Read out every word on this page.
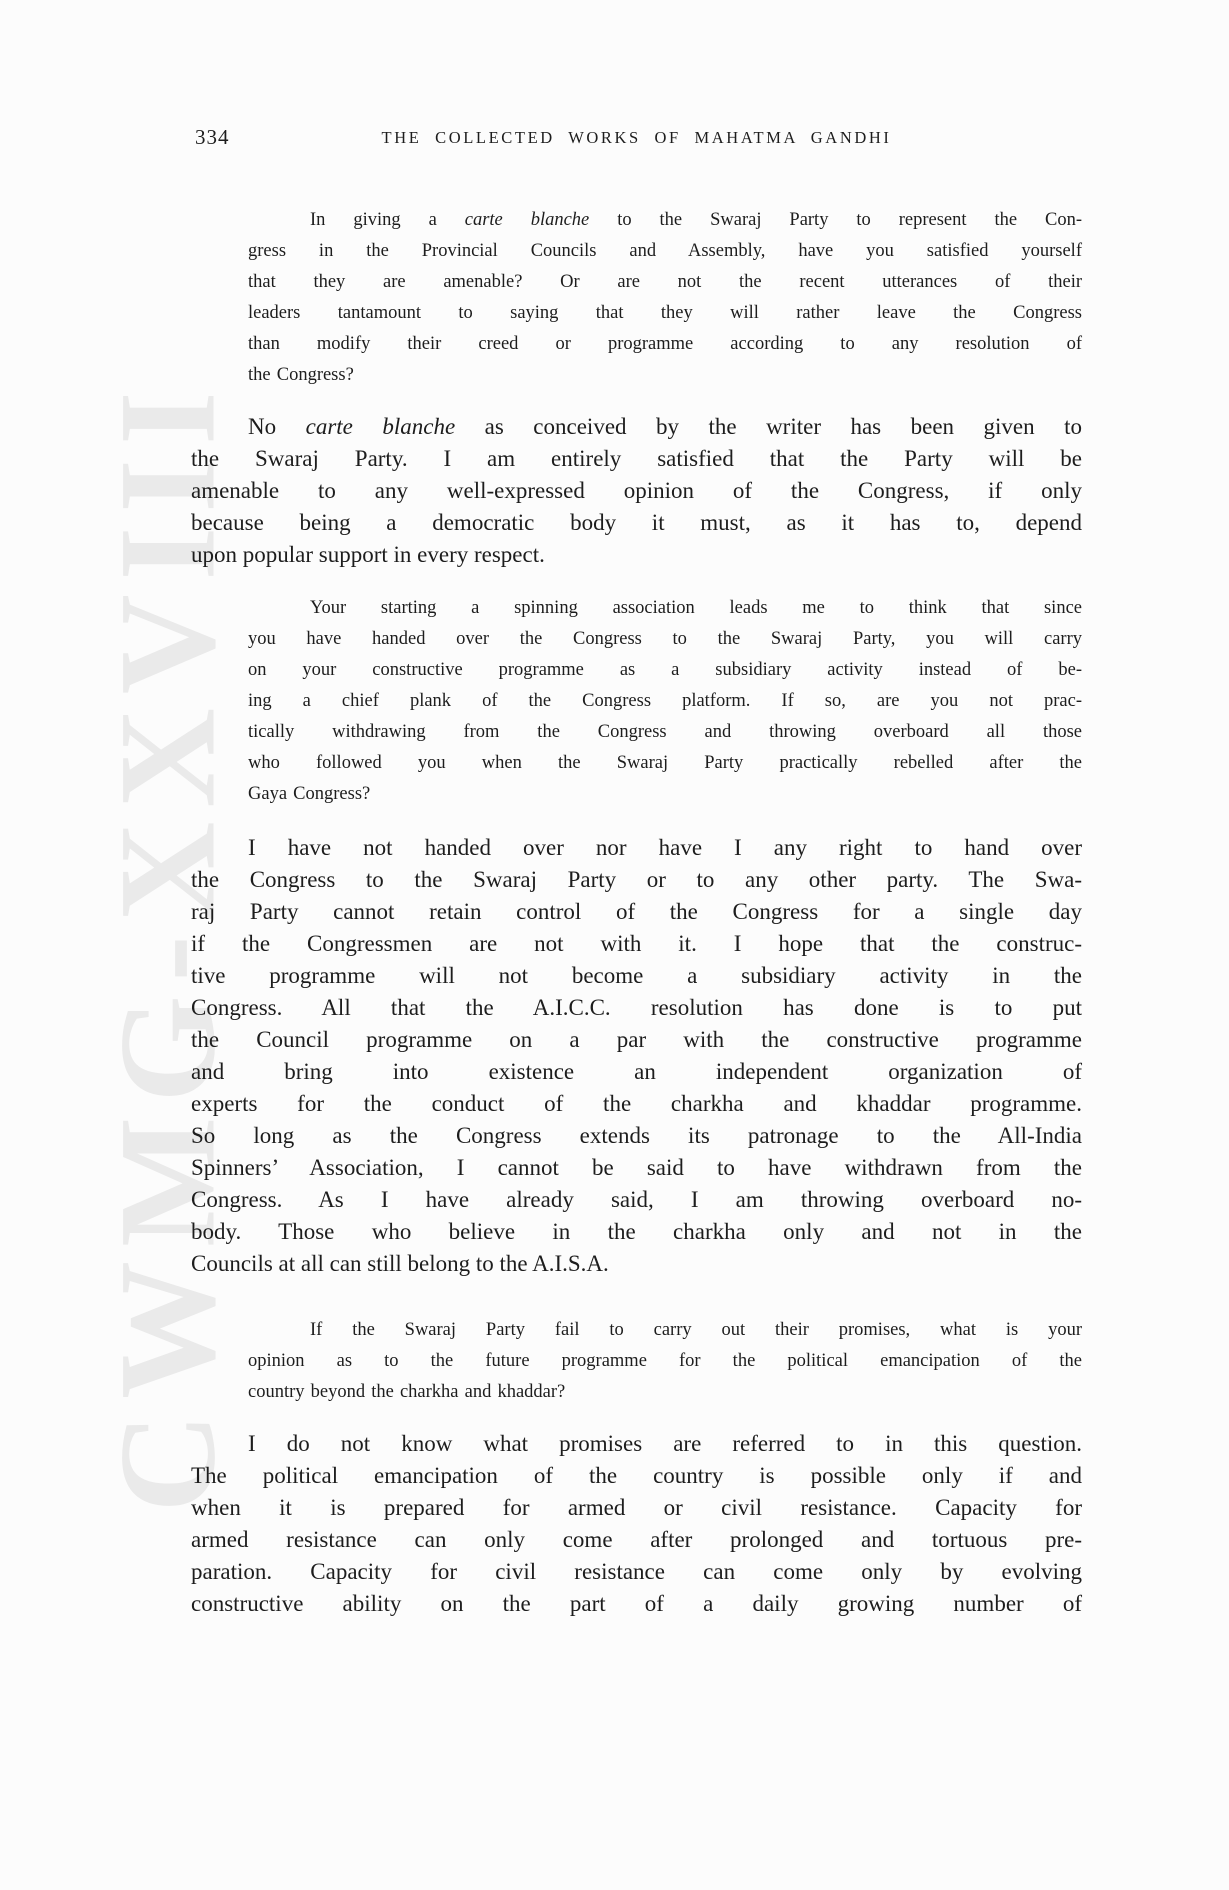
CWMG-XXVIII
334	THE COLLECTED WORKS OF MAHATMA GANDHI
In giving a carte blanche to the Swaraj Party to represent the Con-
gress in the Provincial Councils and Assembly, have you satisfied yourself
that they are amenable? Or are not the recent utterances of their
leaders tantamount to saying that they will rather leave the Congress
than modify their creed or programme according to any resolution of
the Congress?
No carte blanche as conceived by the writer has been given to
the Swaraj Party. I am entirely satisfied that the Party will be
amenable to any well-expressed opinion of the Congress, if only
because being a democratic body it must, as it has to, depend
upon popular support in every respect.
Your starting a spinning association leads me to think that since
you have handed over the Congress to the Swaraj Party, you will carry
on your constructive programme as a subsidiary activity instead of be-
ing a chief plank of the Congress platform. If so, are you not prac-
tically withdrawing from the Congress and throwing overboard all those
who followed you when the Swaraj Party practically rebelled after the
Gaya Congress?
I have not handed over nor have I any right to hand over
the Congress to the Swaraj Party or to any other party. The Swa-
raj Party cannot retain control of the Congress for a single day
if the Congressmen are not with it. I hope that the construc-
tive programme will not become a subsidiary activity in the
Congress. All that the A.I.C.C. resolution has done is to put
the Council programme on a par with the constructive programme
and bring into existence an independent organization of
experts for the conduct of the charkha and khaddar programme.
So long as the Congress extends its patronage to the All-India
Spinners’ Association, I cannot be said to have withdrawn from the
Congress. As I have already said, I am throwing overboard no-
body. Those who believe in the charkha only and not in the
Councils at all can still belong to the A.I.S.A.
If the Swaraj Party fail to carry out their promises, what is your
opinion as to the future programme for the political emancipation of the
country beyond the charkha and khaddar?
I do not know what promises are referred to in this question.
The political emancipation of the country is possible only if and
when it is prepared for armed or civil resistance. Capacity for
armed resistance can only come after prolonged and tortuous pre-
paration. Capacity for civil resistance can come only by evolving
constructive ability on the part of a daily growing number of
